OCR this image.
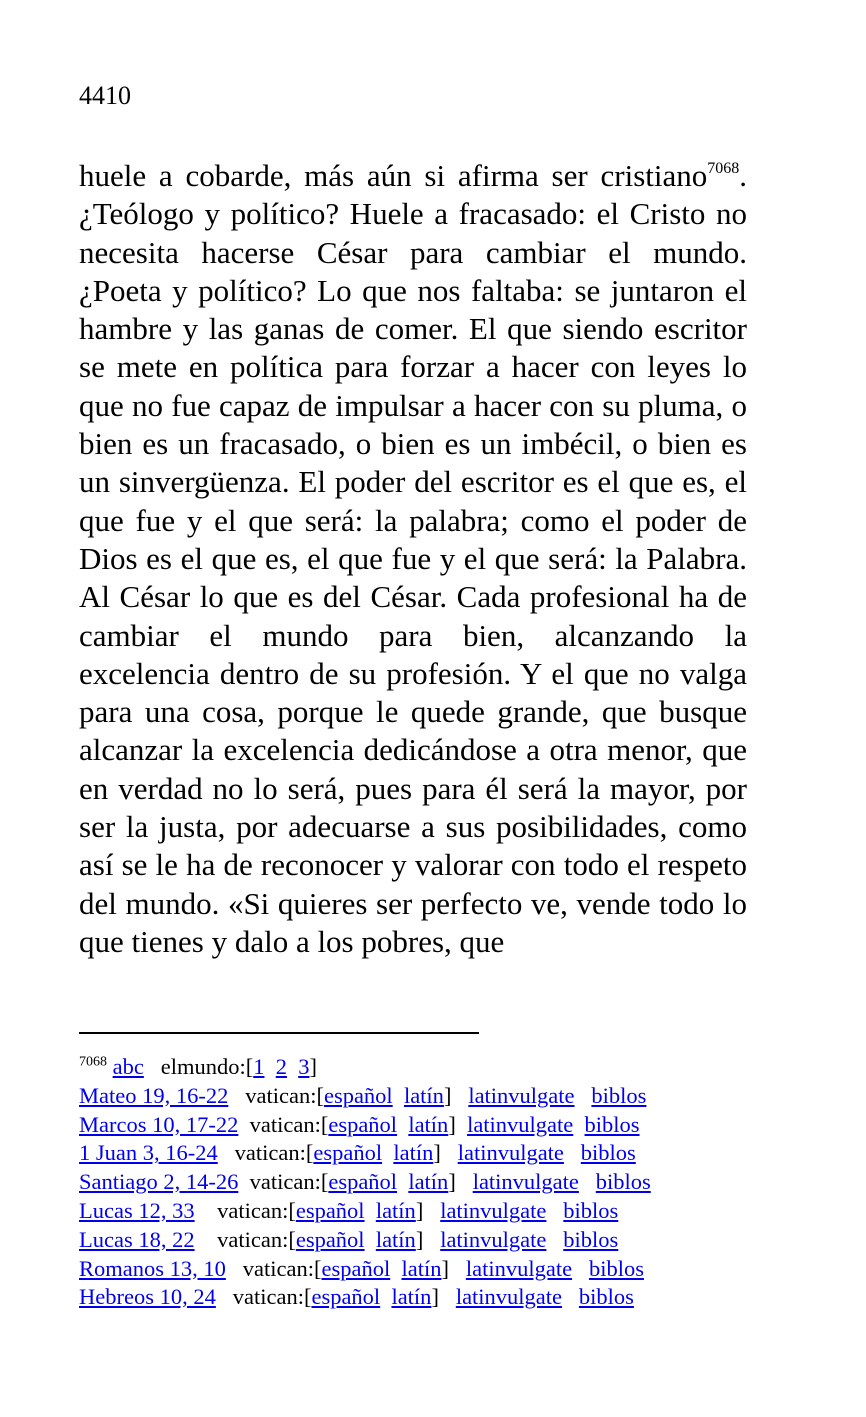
4410

huele a cobarde, más aún si afirma ser cristiano$^{7068}$. ¿Teólogo y político? Huele a fracasado: el Cristo no necesita hacerse César para cambiar el mundo. ¿Poeta y político? Lo que nos faltaba: se juntaron el hambre y las ganas de comer. El que siendo escritor se mete en política para forzar a hacer con leyes lo que no fue capaz de impulsar a hacer con su pluma, o bien es un fracasado, o bien es un imbécil, o bien es un sinvergüenza. El poder del escritor es el que es, el que fue y el que será: la palabra; como el poder de Dios es el que es, el que fue y el que será: la Palabra. Al César lo que es del César. Cada profesional ha de cambiar el mundo para bien, alcanzando la excelencia dentro de su profesión. Y el que no valga para una cosa, porque le quede grande, que busque alcanzar la excelencia dedicándose a otra menor, que en verdad no lo será, pues para él será la mayor, por ser la justa, por adecuarse a sus posibilidades, como así se le ha de reconocer y valorar con todo el respeto del mundo. «Si quieres ser perfecto ve, vende todo lo que tienes y dalo a los pobres, que

$^{7068}$ abc elmundo:[1 2 3]
Mateo 19, 16-22 vatican:[español latín] latinvulgate biblos
Marcos 10, 17-22 vatican:[español latín] latinvulgate biblos
1 Juan 3, 16-24 vatican:[español latín] latinvulgate biblos
Santiago 2, 14-26 vatican:[español latín] latinvulgate biblos
Lucas 12, 33 vatican:[español latín] latinvulgate biblos
Lucas 18, 22 vatican:[español latín] latinvulgate biblos
Romanos 13, 10 vatican:[español latín] latinvulgate biblos
Hebreos 10, 24 vatican:[español latín] latinvulgate biblos
